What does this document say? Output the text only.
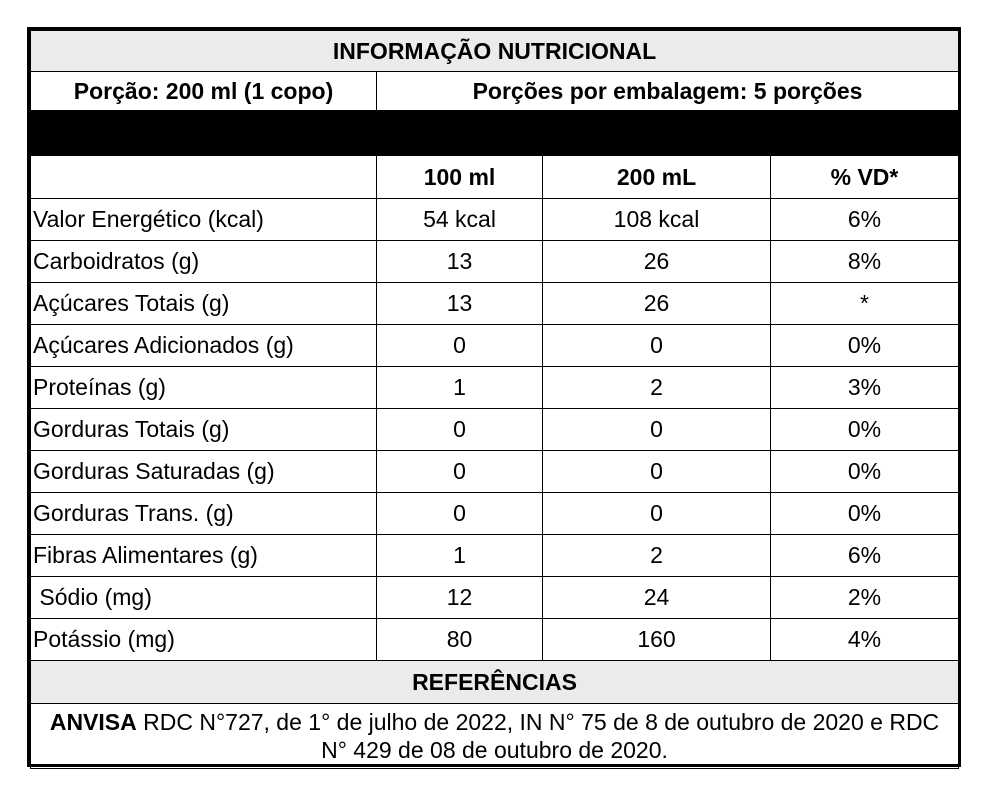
INFORMAÇÃO NUTRICIONAL			
Porção: 200 ml (1 copo)	Porções por embalagem: 5 porções		

	100 ml	200 mL	% VD*
Valor Energético (kcal)	54 kcal	108 kcal	6%
Carboidratos (g)	13	26	8%
Açúcares Totais (g)	13	26	*
Açúcares Adicionados (g)	0	0	0%
Proteínas (g)	1	2	3%
Gorduras Totais (g)	0	0	0%
Gorduras Saturadas (g)	0	0	0%
Gorduras Trans. (g)	0	0	0%
Fibras Alimentares (g)	1	2	6%
Sódio (mg)	12	24	2%
Potássio (mg)	80	160	4%
REFERÊNCIAS			
ANVISA RDC N°727, de 1° de julho de 2022, IN N° 75 de 8 de outubro de 2020 e RDC N° 429 de 08 de outubro de 2020.			
